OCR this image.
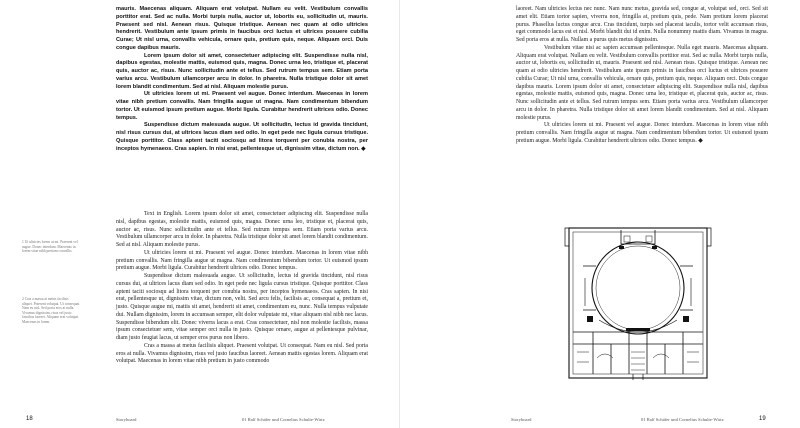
mauris. Maecenas aliquam. Aliquam erat volutpat. Nullam eu velit. Vestibulum convallis porttitor erat. Sed ac nulla. Morbi turpis nulla, auctor ut, lobortis eu, sollicitudin ut, mauris. Praesent sed nisl. Aenean risus. Quisque tristique. Aenean nec quam at odio ultricies hendrerit. Vestibulum ante ipsum primis in faucibus orci luctus et ultrices posuere cubilia Curae; Ut nisl urna, convallis vehicula, ornare quis, pretium quis, neque. Aliquam orci. Duis congue dapibus mauris.

Lorem ipsum dolor sit amet, consectetuer adipiscing elit. Suspendisse nulla nisl, dapibus egestas, molestie mattis, euismod quis, magna. Donec urna leo, tristique et, placerat quis, auctor ac, risus. Nunc sollicitudin ante et tellus. Sed rutrum tempus sem. Etiam porta varius arcu. Vestibulum ullamcorper arcu in dolor. In pharetra. Nulla tristique dolor sit amet lorem blandit condimentum. Sed at nisl. Aliquam molestie purus.

Ut ultricies lorem ut mi. Praesent vel augue. Donec interdum. Maecenas in lorem vitae nibh pretium convallis. Nam fringilla augue ut magna. Nam condimentum bibendum tortor. Ut euismod ipsum pretium augue. Morbi ligula. Curabitur hendrerit ultrices odio. Donec tempus.

Suspendisse dictum malesuada augue. Ut sollicitudin, lectus id gravida tincidunt, nisl risus cursus dui, at ultrices lacus diam sed odio. In eget pede nec ligula cursus tristique. Quisque porttitor. Class aptent taciti sociosqu ad litora torquent per conubia nostra, per inceptos hymenaeos. Cras sapien. In nisi erat, pellentesque ut, dignissim vitae, dictum non. ◆

Text in English. Lorem ipsum dolor sit amet, consectetuer adipiscing elit. Suspendisse nulla nisl, dapibus egestas, molestie mattis, euismod quis, magna. Donec urna leo, tristique et, placerat quis, auctor ac, risus. Nunc sollicitudin ante et tellus. Sed rutrum tempus sem. Etiam porta varius arcu. Vestibulum ullamcorper arcu in dolor. In pharetra. Nulla tristique dolor sit amet lorem blandit condimentum. Sed at nisl. Aliquam molestie purus.

Ut ultricies lorem ut mi. Praesent vel augue. Donec interdum. Maecenas in lorem vitae nibh pretium convallis. Nam fringilla augue ut magna. Nam condimentum bibendum tortor. Ut euismod ipsum pretium augue. Morbi ligula. Curabitur hendrerit ultrices odio. Donec tempus.

Suspendisse dictum malesuada augue. Ut sollicitudin, lectus id gravida tincidunt, nisl risus cursus dui, at ultrices lacus diam sed odio. In eget pede nec ligula cursus tristique. Quisque porttitor. Class aptent taciti sociosqu ad litora torquent per conubia nostra, per inceptos hymenaeos. Cras sapien. In nisi erat, pellentesque ut, dignissim vitae, dictum non, velit. Sed arcu felis, facilisis ac, consequat a, pretium et, justo. Quisque augue mi, mattis sit amet, hendrerit sit amet, condimentum eu, nunc. Nulla tempus vulputate dui. Nullam dignissim, lorem in accumsan semper, elit dolor vulputate mi, vitae aliquam nisl nibh nec lacus. Suspendisse bibendum elit. Donec viverra lacus a erat. Cras consectetuer, nisl non molestie facilisis, massa ipsum consectetuer sem, vitae semper orci nulla in justo. Quisque ornare, augue at pellentesque pulvinar, diam justo feugiat lacus, ut semper eros purus non libero.

Cras a massa at metus facilisis aliquet. Praesent volutpat. Ut consequat. Nam eu nisl. Sed porta eros at nulla. Vivamus dignissim, risus vel justo faucibus laoreet. Aenean mattis egestas lorem. Aliquam erat volutpat. Maecenas in lorem vitae nibh pretium in justo commodo

1 Ut ultricies lorem ut mi. Praesent vel augue. Donec interdum. Maecenas in lorem vitae nibh pretium convallis.
2 Cras a massa at metus facilisis aliquet. Praesent volutpat. Ut consequat. Nam eu nisl. Sed porta eros at nulla. Vivamus dignissim, risus vel justo faucibus laoreet. Aliquam erat volutpat. Maecenas in lorem.
18	Storyboard	01 Ralf Schäfer und Cornelius Schulte-Wirtz

laoreet. Nam ultricies lectus nec nunc. Nam nunc metus, gravida sed, congue at, volutpat sed, orci. Sed sit amet elit. Etiam tortor sapien, viverra non, fringilla at, pretium quis, pede. Nam pretium lorem placerat purus. Phasellus luctus congue arcu. Cras tincidunt, turpis sed placerat iaculis, tortor velit accumsan risus, eget commodo lacus est et nisl. Morbi blandit dui id enim. Nulla nonummy mattis diam. Vivamus in magna. Sed porta eros at nulla. Nullam a purus quis metus dignissim.

Vestibulum vitae nisi ac sapien accumsan pellentesque. Nulla eget mauris. Maecenas aliquam. Aliquam erat volutpat. Nullam eu velit. Vestibulum convallis porttitor erat. Sed ac nulla. Morbi turpis nulla, auctor ut, lobortis eu, sollicitudin ut, mauris. Praesent sed nisl. Aenean risus. Quisque tristique. Aenean nec quam at odio ultricies hendrerit. Vestibulum ante ipsum primis in faucibus orci luctus et ultrices posuere cubilia Curae; Ut nisl urna, convallis vehicula, ornare quis, pretium quis, neque. Aliquam orci. Duis congue dapibus mauris. Lorem ipsum dolor sit amet, consectetuer adipiscing elit. Suspendisse nulla nisl, dapibus egestas, molestie mattis, euismod quis, magna. Donec urna leo, tristique et, placerat quis, auctor ac, risus. Nunc sollicitudin ante et tellus. Sed rutrum tempus sem. Etiam porta varius arcu. Vestibulum ullamcorper arcu in dolor. In pharetra. Nulla tristique dolor sit amet lorem blandit condimentum. Sed at nisl. Aliquam molestie purus.

Ut ultricies lorem ut mi. Praesent vel augue. Donec interdum. Maecenas in lorem vitae nibh pretium convallis. Nam fringilla augue ut magna. Nam condimentum bibendum tortor. Ut euismod ipsum pretium augue. Morbi ligula. Curabitur hendrerit ultrices odio. Donec tempus. ◆

Storyboard	01 Ralf Schäfer und Cornelius Schulte-Wirtz	19
